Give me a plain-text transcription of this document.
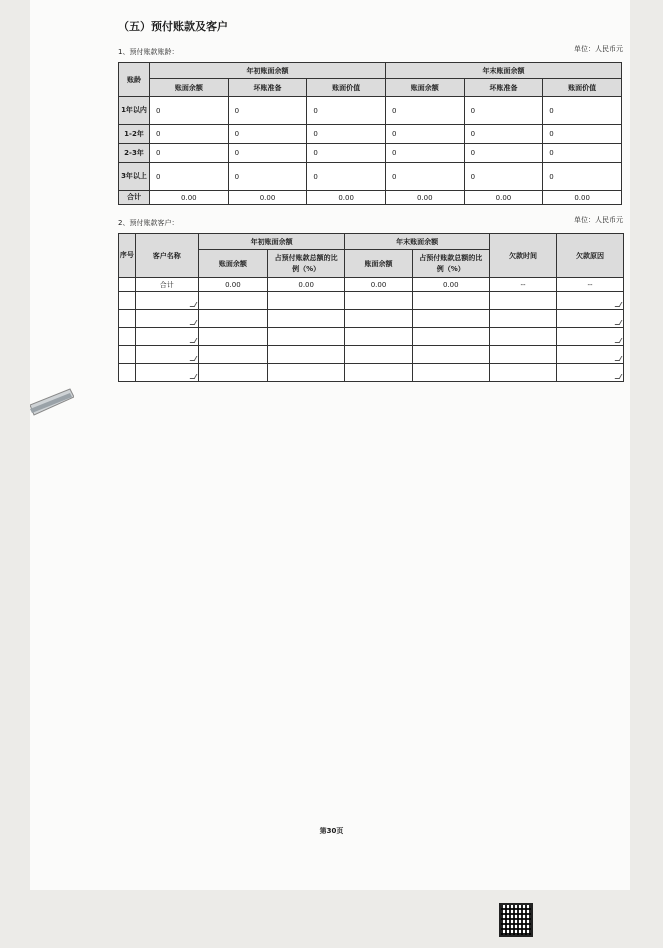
（五）预付账款及客户
1、预付账款账龄：	单位：人民币元
账龄	年初账面余额			年末账面余额		
	账面余额	坏账准备	账面价值	账面余额	坏账准备	账面价值
1年以内	0	0	0	0	0	0
1-2年	0	0	0	0	0	0
2-3年	0	0	0	0	0	0
3年以上	0	0	0	0	0	0
合计	0.00	0.00	0.00	0.00	0.00	0.00
2、预付账款客户：	单位：人民币元
序号	客户名称	年初账面余额		年末账面余额		欠款时间	欠款原因
		账面余额	占预付账款总额的比例（%）	账面余额	占预付账款总额的比例（%）		
	合计	0.00	0.00	0.00	0.00	--	--

第30页
